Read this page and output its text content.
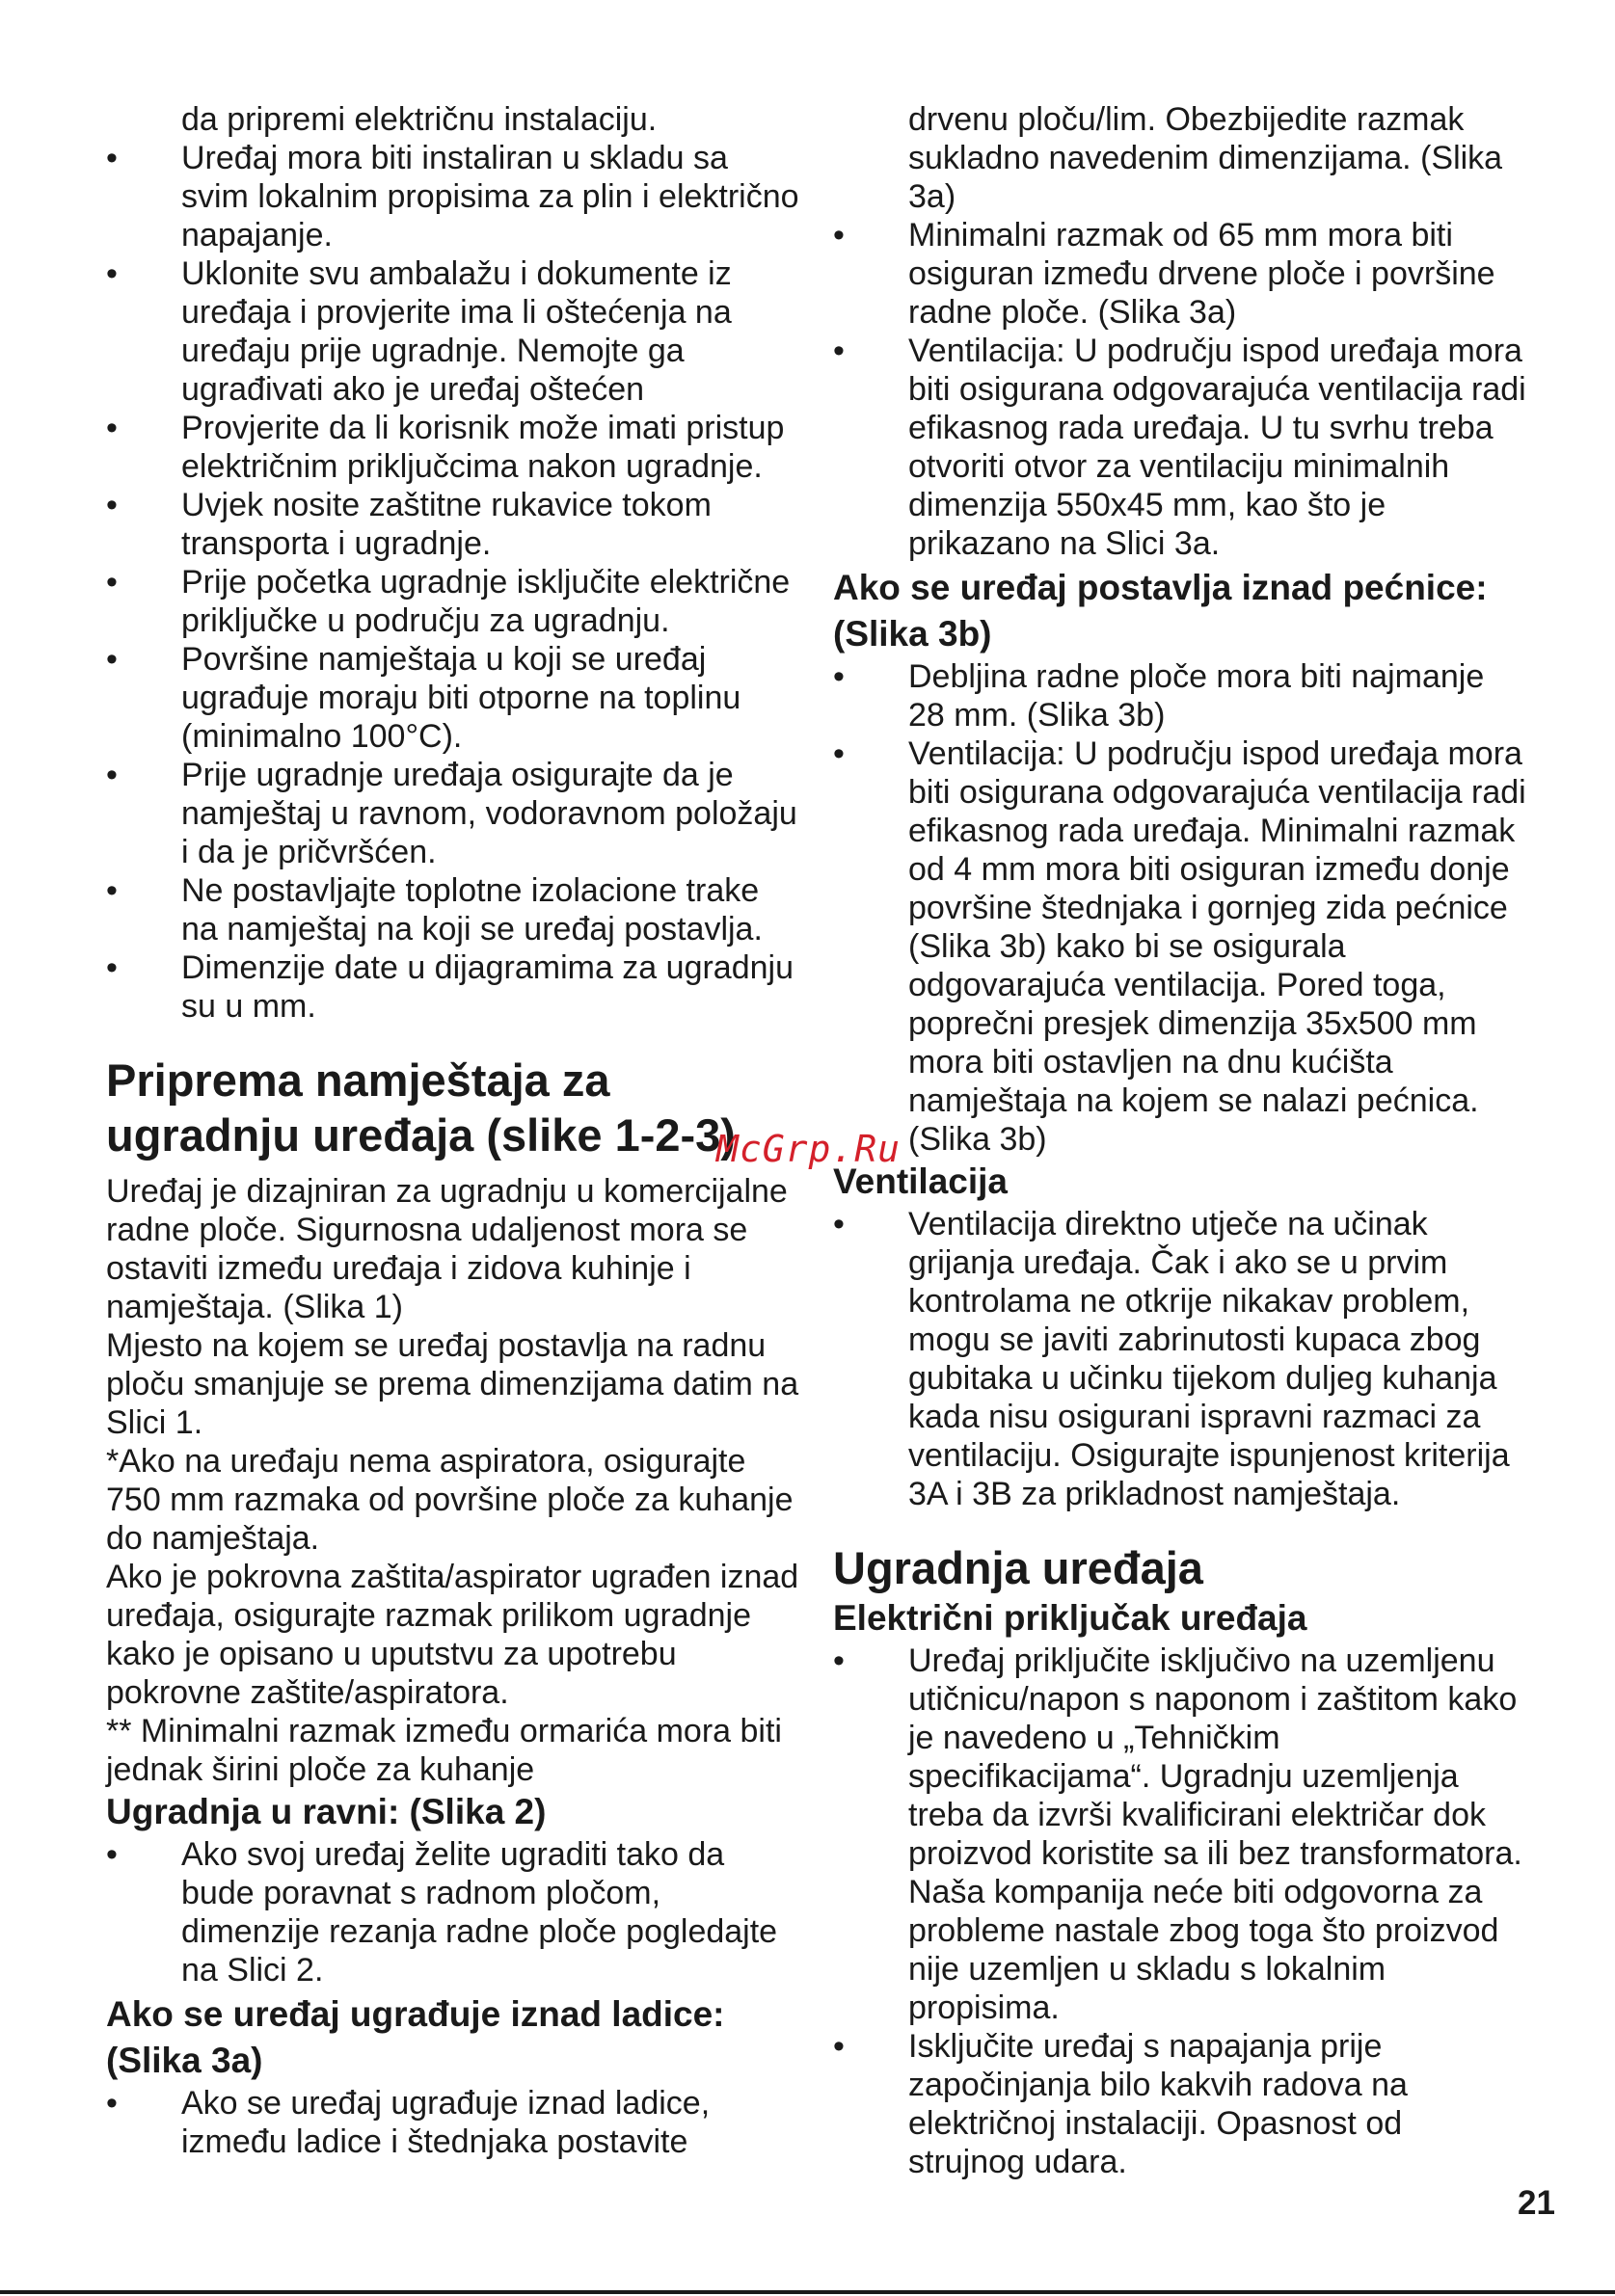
da pripremi električnu instalaciju.

• Uređaj mora biti instaliran u skladu sa svim lokalnim propisima za plin i električno napajanje.
• Uklonite svu ambalažu i dokumente iz uređaja i provjerite ima li oštećenja na uređaju prije ugradnje. Nemojte ga ugrađivati ako je uređaj oštećen
• Provjerite da li korisnik može imati pristup električnim priključcima nakon ugradnje.
• Uvjek nosite zaštitne rukavice tokom transporta i ugradnje.
• Prije početka ugradnje isključite električne priključke u području za ugradnju.
• Površine namještaja u koji se uređaj ugrađuje moraju biti otporne na toplinu (minimalno 100°C).
• Prije ugradnje uređaja osigurajte da je namještaj u ravnom, vodoravnom položaju i da je pričvršćen.
• Ne postavljajte toplotne izolacione trake na namještaj na koji se uređaj postavlja.
• Dimenzije date u dijagramima za ugradnju su u mm.
Priprema namještaja za ugradnju uređaja (slike 1-2-3)

Uređaj je dizajniran za ugradnju u komercijalne radne ploče. Sigurnosna udaljenost mora se ostaviti između uređaja i zidova kuhinje i namještaja. (Slika 1)

Mjesto na kojem se uređaj postavlja na radnu ploču smanjuje se prema dimenzijama datim na Slici 1.

*Ako na uređaju nema aspiratora, osigurajte 750 mm razmaka od površine ploče za kuhanje do namještaja.

Ako je pokrovna zaštita/aspirator ugrađen iznad uređaja, osigurajte razmak prilikom ugradnje kako je opisano u uputstvu za upotrebu pokrovne zaštite/aspiratora.

** Minimalni razmak između ormarića mora biti jednak širini ploče za kuhanje

Ugradnja u ravni: (Slika 2)
• Ako svoj uređaj želite ugraditi tako da bude poravnat s radnom pločom, dimenzije rezanja radne ploče pogledajte na Slici 2.
Ako se uređaj ugrađuje iznad ladice: (Slika 3a)
• Ako se uređaj ugrađuje iznad ladice, između ladice i štednjaka postavite

drvenu ploču/lim. Obezbijedite razmak sukladno navedenim dimenzijama. (Slika 3a)

• Minimalni razmak od 65 mm mora biti osiguran između drvene ploče i površine radne ploče. (Slika 3a)
• Ventilacija: U području ispod uređaja mora biti osigurana odgovarajuća ventilacija radi efikasnog rada uređaja. U tu svrhu treba otvoriti otvor za ventilaciju minimalnih dimenzija 550x45 mm, kao što je prikazano na Slici 3a.
Ako se uređaj postavlja iznad pećnice: (Slika 3b)
• Debljina radne ploče mora biti najmanje 28 mm. (Slika 3b)
• Ventilacija: U području ispod uređaja mora biti osigurana odgovarajuća ventilacija radi efikasnog rada uređaja. Minimalni razmak od 4 mm mora biti osiguran između donje površine štednjaka i gornjeg zida pećnice (Slika 3b) kako bi se osigurala odgovarajuća ventilacija. Pored toga, poprečni presjek dimenzija 35x500 mm mora biti ostavljen na dnu kućišta namještaja na kojem se nalazi pećnica. (Slika 3b)
Ventilacija
• Ventilacija direktno utječe na učinak grijanja uređaja. Čak i ako se u prvim kontrolama ne otkrije nikakav problem, mogu se javiti zabrinutosti kupaca zbog gubitaka u učinku tijekom duljeg kuhanja kada nisu osigurani ispravni razmaci za ventilaciju. Osigurajte ispunjenost kriterija 3A i 3B za prikladnost namještaja.
Ugradnja uređaja
Električni priključak uređaja
• Uređaj priključite isključivo na uzemljenu utičnicu/napon s naponom i zaštitom kako je navedeno u „Tehničkim specifikacijama“. Ugradnju uzemljenja treba da izvrši kvalificirani električar dok proizvod koristite sa ili bez transformatora. Naša kompanija neće biti odgovorna za probleme nastale zbog toga što proizvod nije uzemljen u skladu s lokalnim propisima.
• Isključite uređaj s napajanja prije započinjanja bilo kakvih radova na električnoj instalaciji. Opasnost od strujnog udara.
McGrp.Ru
21
